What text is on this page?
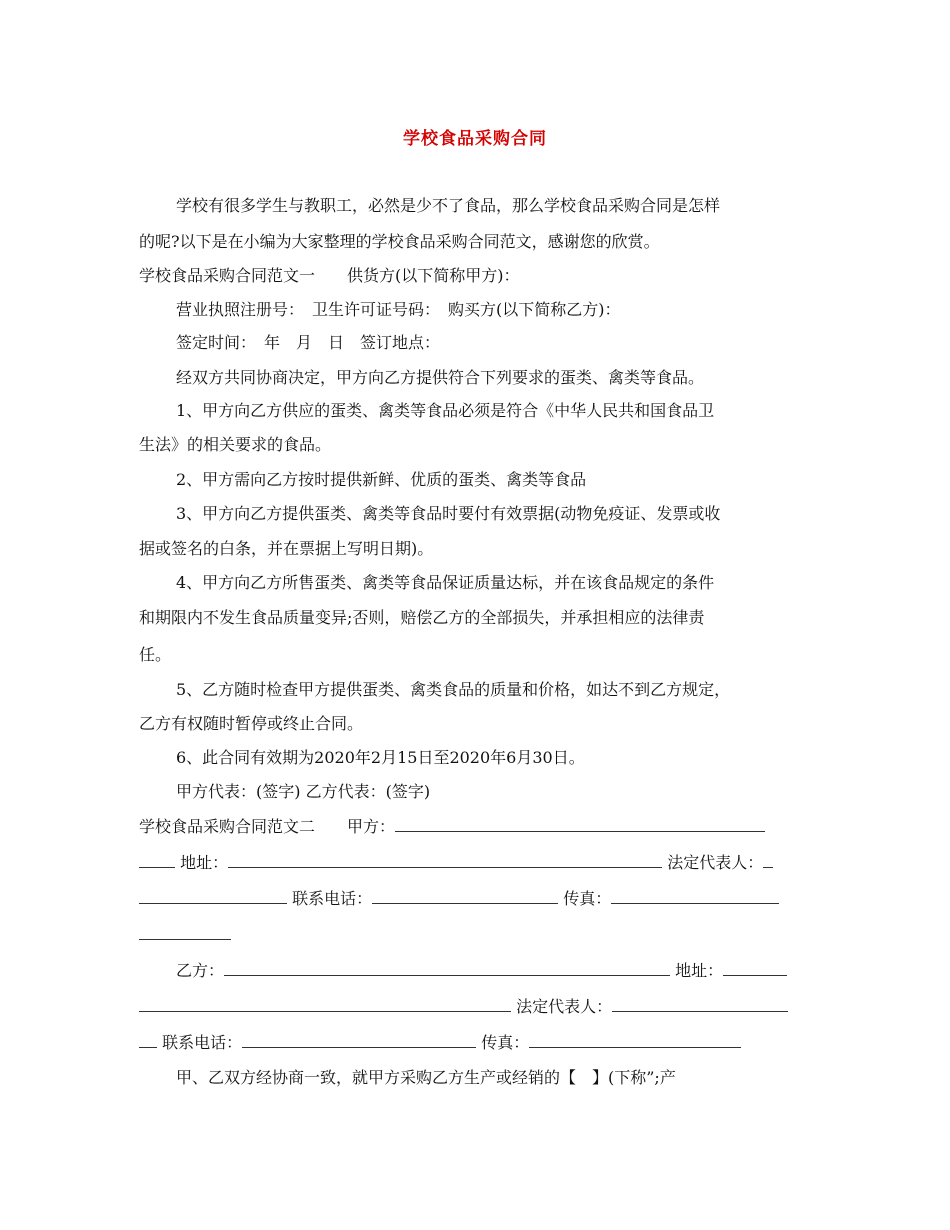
学校食品采购合同
学校有很多学生与教职工，必然是少不了食品，那么学校食品采购合同是怎样
的呢?以下是在小编为大家整理的学校食品采购合同范文，感谢您的欣赏。
学校食品采购合同范文一　　供货方(以下简称甲方)：
营业执照注册号：　卫生许可证号码：　购买方(以下简称乙方)：
签定时间：　年　月　日　签订地点：
经双方共同协商决定，甲方向乙方提供符合下列要求的蛋类、禽类等食品。
1、甲方向乙方供应的蛋类、禽类等食品必须是符合《中华人民共和国食品卫
生法》的相关要求的食品。
2、甲方需向乙方按时提供新鲜、优质的蛋类、禽类等食品
3、甲方向乙方提供蛋类、禽类等食品时要付有效票据(动物免疫证、发票或收
据或签名的白条，并在票据上写明日期)。
4、甲方向乙方所售蛋类、禽类等食品保证质量达标，并在该食品规定的条件
和期限内不发生食品质量变异;否则，赔偿乙方的全部损失，并承担相应的法律责
任。
5、乙方随时检查甲方提供蛋类、禽类食品的质量和价格，如达不到乙方规定，
乙方有权随时暂停或终止合同。
6、此合同有效期为2020年2月15日至2020年6月30日。
甲方代表：(签字) 乙方代表：(签字)
学校食品采购合同范文二　　甲方：
地址：	法定代表人：
联系电话：	传真：
乙方：	地址：
法定代表人：
联系电话：	传真：
甲、乙双方经协商一致，就甲方采购乙方生产或经销的【　】(下称”;产
